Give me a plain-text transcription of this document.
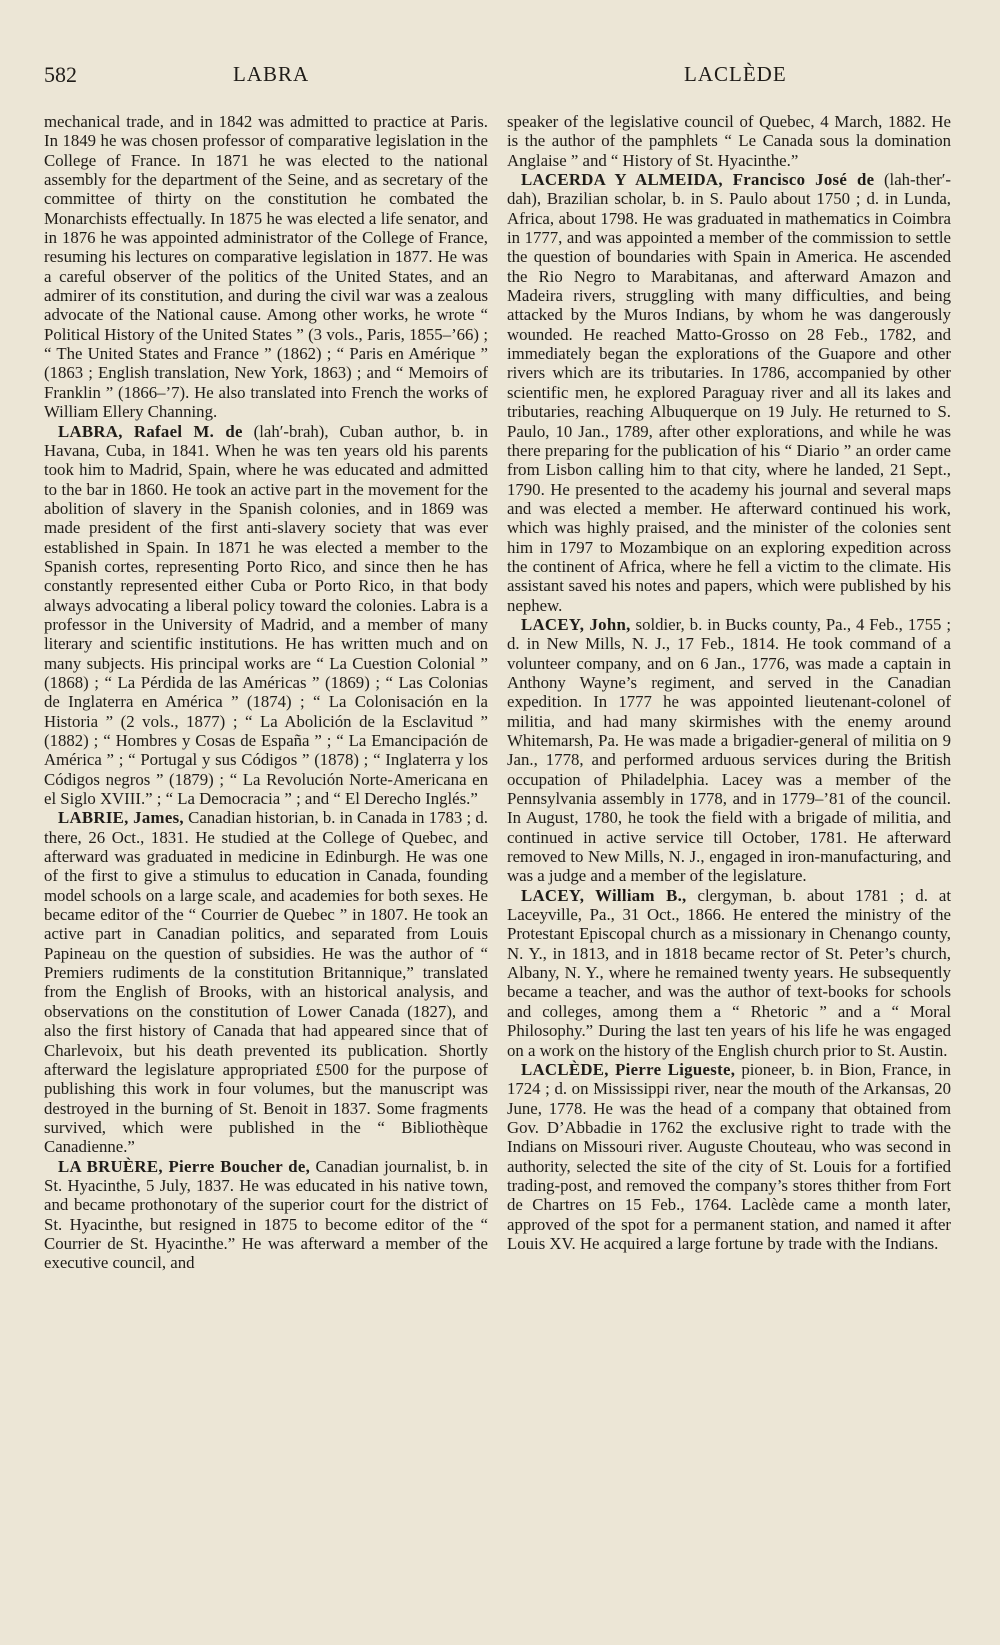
582	LABRA	LACLÈDE

mechanical trade, and in 1842 was admitted to practice at Paris. In 1849 he was chosen professor of comparative legislation in the College of France. In 1871 he was elected to the national assembly for the department of the Seine, and as secretary of the committee of thirty on the constitution he combated the Monarchists effectually. In 1875 he was elected a life senator, and in 1876 he was appointed administrator of the College of France, resuming his lectures on comparative legislation in 1877. He was a careful observer of the politics of the United States, and an admirer of its constitution, and during the civil war was a zealous advocate of the National cause. Among other works, he wrote “ Political History of the United States ” (3 vols., Paris, 1855–’66) ; “ The United States and France ” (1862) ; “ Paris en Amérique ” (1863 ; English translation, New York, 1863) ; and “ Memoirs of Franklin ” (1866–’7). He also translated into French the works of William Ellery Channing.

LABRA, Rafael M. de (lah′-brah), Cuban author, b. in Havana, Cuba, in 1841. When he was ten years old his parents took him to Madrid, Spain, where he was educated and admitted to the bar in 1860. He took an active part in the movement for the abolition of slavery in the Spanish colonies, and in 1869 was made president of the first anti-slavery society that was ever established in Spain. In 1871 he was elected a member to the Spanish cortes, representing Porto Rico, and since then he has constantly represented either Cuba or Porto Rico, in that body always advocating a liberal policy toward the colonies. Labra is a professor in the University of Madrid, and a member of many literary and scientific institutions. He has written much and on many subjects. His principal works are “ La Cuestion Colonial ” (1868) ; “ La Pérdida de las Américas ” (1869) ; “ Las Colonias de Inglaterra en América ” (1874) ; “ La Colonisación en la Historia ” (2 vols., 1877) ; “ La Abolición de la Esclavitud ” (1882) ; “ Hombres y Cosas de España ” ; “ La Emancipación de América ” ; “ Portugal y sus Códigos ” (1878) ; “ Inglaterra y los Códigos negros ” (1879) ; “ La Revolución Norte-Americana en el Siglo XVIII.” ; “ La Democracia ” ; and “ El Derecho Inglés.”

LABRIE, James, Canadian historian, b. in Canada in 1783 ; d. there, 26 Oct., 1831. He studied at the College of Quebec, and afterward was graduated in medicine in Edinburgh. He was one of the first to give a stimulus to education in Canada, founding model schools on a large scale, and academies for both sexes. He became editor of the “ Courrier de Quebec ” in 1807. He took an active part in Canadian politics, and separated from Louis Papineau on the question of subsidies. He was the author of “ Premiers rudiments de la constitution Britannique,” translated from the English of Brooks, with an historical analysis, and observations on the constitution of Lower Canada (1827), and also the first history of Canada that had appeared since that of Charlevoix, but his death prevented its publication. Shortly afterward the legislature appropriated £500 for the purpose of publishing this work in four volumes, but the manuscript was destroyed in the burning of St. Benoit in 1837. Some fragments survived, which were published in the “ Bibliothèque Canadienne.”

LA BRUÈRE, Pierre Boucher de, Canadian journalist, b. in St. Hyacinthe, 5 July, 1837. He was educated in his native town, and became prothonotary of the superior court for the district of St. Hyacinthe, but resigned in 1875 to become editor of the “ Courrier de St. Hyacinthe.” He was afterward a member of the executive council, and

speaker of the legislative council of Quebec, 4 March, 1882. He is the author of the pamphlets “ Le Canada sous la domination Anglaise ” and “ History of St. Hyacinthe.”

LACERDA Y ALMEIDA, Francisco José de (lah-ther′-dah), Brazilian scholar, b. in S. Paulo about 1750 ; d. in Lunda, Africa, about 1798. He was graduated in mathematics in Coimbra in 1777, and was appointed a member of the commission to settle the question of boundaries with Spain in America. He ascended the Rio Negro to Marabitanas, and afterward Amazon and Madeira rivers, struggling with many difficulties, and being attacked by the Muros Indians, by whom he was dangerously wounded. He reached Matto-Grosso on 28 Feb., 1782, and immediately began the explorations of the Guapore and other rivers which are its tributaries. In 1786, accompanied by other scientific men, he explored Paraguay river and all its lakes and tributaries, reaching Albuquerque on 19 July. He returned to S. Paulo, 10 Jan., 1789, after other explorations, and while he was there preparing for the publication of his “ Diario ” an order came from Lisbon calling him to that city, where he landed, 21 Sept., 1790. He presented to the academy his journal and several maps and was elected a member. He afterward continued his work, which was highly praised, and the minister of the colonies sent him in 1797 to Mozambique on an exploring expedition across the continent of Africa, where he fell a victim to the climate. His assistant saved his notes and papers, which were published by his nephew.

LACEY, John, soldier, b. in Bucks county, Pa., 4 Feb., 1755 ; d. in New Mills, N. J., 17 Feb., 1814. He took command of a volunteer company, and on 6 Jan., 1776, was made a captain in Anthony Wayne’s regiment, and served in the Canadian expedition. In 1777 he was appointed lieutenant-colonel of militia, and had many skirmishes with the enemy around Whitemarsh, Pa. He was made a brigadier-general of militia on 9 Jan., 1778, and performed arduous services during the British occupation of Philadelphia. Lacey was a member of the Pennsylvania assembly in 1778, and in 1779–’81 of the council. In August, 1780, he took the field with a brigade of militia, and continued in active service till October, 1781. He afterward removed to New Mills, N. J., engaged in iron-manufacturing, and was a judge and a member of the legislature.

LACEY, William B., clergyman, b. about 1781 ; d. at Laceyville, Pa., 31 Oct., 1866. He entered the ministry of the Protestant Episcopal church as a missionary in Chenango county, N. Y., in 1813, and in 1818 became rector of St. Peter’s church, Albany, N. Y., where he remained twenty years. He subsequently became a teacher, and was the author of text-books for schools and colleges, among them a “ Rhetoric ” and a “ Moral Philosophy.” During the last ten years of his life he was engaged on a work on the history of the English church prior to St. Austin.

LACLÈDE, Pierre Ligueste, pioneer, b. in Bion, France, in 1724 ; d. on Mississippi river, near the mouth of the Arkansas, 20 June, 1778. He was the head of a company that obtained from Gov. D’Abbadie in 1762 the exclusive right to trade with the Indians on Missouri river. Auguste Chouteau, who was second in authority, selected the site of the city of St. Louis for a fortified trading-post, and removed the company’s stores thither from Fort de Chartres on 15 Feb., 1764. Laclède came a month later, approved of the spot for a permanent station, and named it after Louis XV. He acquired a large fortune by trade with the Indians.
